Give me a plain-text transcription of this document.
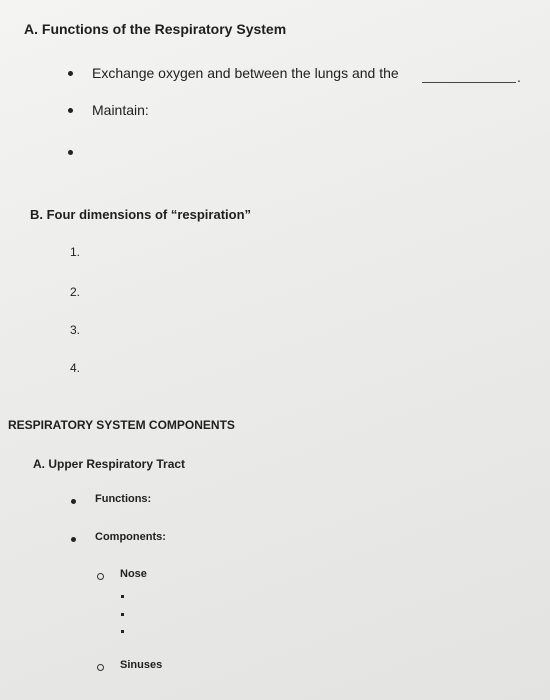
A. Functions of the Respiratory System
Exchange oxygen and between the lungs and the	.
Maintain:
B. Four dimensions of “respiration”
1.
2.
3.
4.
RESPIRATORY SYSTEM COMPONENTS
A. Upper Respiratory Tract
Functions:
Components:
Nose
Sinuses
